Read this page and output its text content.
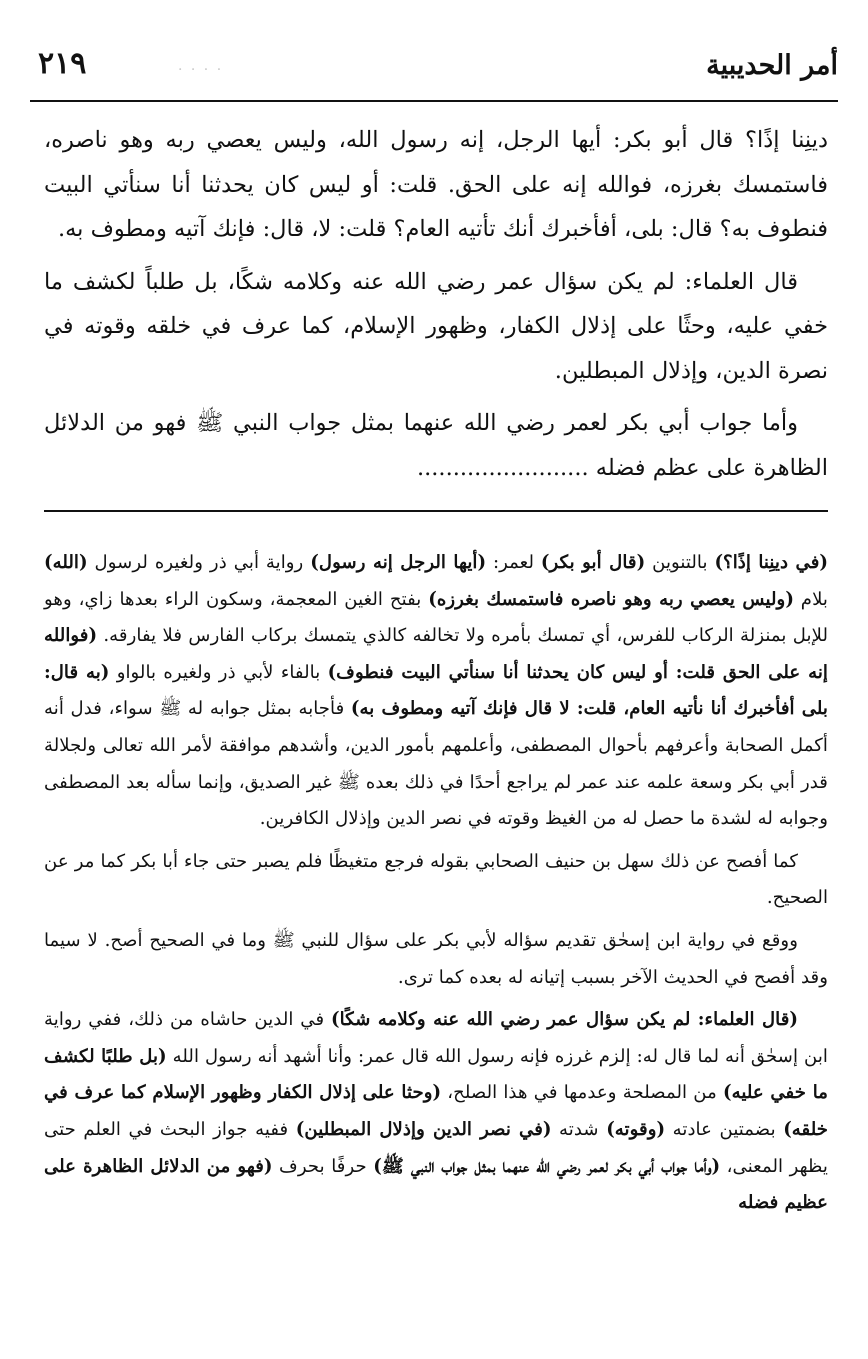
أمر الحديبية
· · · ·
٢١٩

دينِنا إذًا؟ قال أبو بكر: أيها الرجل، إنه رسول الله، وليس يعصي ربه وهو ناصره، فاستمسك بغرزه، فوالله إنه على الحق. قلت: أو ليس كان يحدثنا أنا سنأتي البيت فنطوف به؟ قال: بلى، أفأخبرك أنك تأتيه العام؟ قلت: لا، قال: فإنك آتيه ومطوف به.

قال العلماء: لم يكن سؤال عمر رضي الله عنه وكلامه شكًا، بل طلباً لكشف ما خفي عليه، وحثًا على إذلال الكفار، وظهور الإسلام، كما عرف في خلقه وقوته في نصرة الدين، وإذلال المبطلين.

وأما جواب أبي بكر لعمر رضي الله عنهما بمثل جواب النبي ﷺ فهو من الدلائل الظاهرة على عظم فضله ........................

(في دينِنا إذًا؟) بالتنوين (قال أبو بكر) لعمر: (أيها الرجل إنه رسول) رواية أبي ذر ولغيره لرسول (الله) بلام (وليس يعصي ربه وهو ناصره فاستمسك بغرزه) بفتح الغين المعجمة، وسكون الراء بعدها زاي، وهو للإبل بمنزلة الركاب للفرس، أي تمسك بأمره ولا تخالفه كالذي يتمسك بركاب الفارس فلا يفارقه. (فوالله إنه على الحق قلت: أو ليس كان يحدثنا أنا سنأتي البيت فنطوف) بالفاء لأبي ذر ولغيره بالواو (به قال: بلى أفأخبرك أنا نأتيه العام، قلت: لا قال فإنك آتيه ومطوف به) فأجابه بمثل جوابه له ﷺ سواء، فدل أنه أكمل الصحابة وأعرفهم بأحوال المصطفى، وأعلمهم بأمور الدين، وأشدهم موافقة لأمر الله تعالى ولجلالة قدر أبي بكر وسعة علمه عند عمر لم يراجع أحدًا في ذلك بعده ﷺ غير الصديق، وإنما سأله بعد المصطفى وجوابه له لشدة ما حصل له من الغيظ وقوته في نصر الدين وإذلال الكافرين.

كما أفصح عن ذلك سهل بن حنيف الصحابي بقوله فرجع متغيظًا فلم يصبر حتى جاء أبا بكر كما مر عن الصحيح.

ووقع في رواية ابن إسحٰق تقديم سؤاله لأبي بكر على سؤال للنبي ﷺ وما في الصحيح أصح. لا سيما وقد أفصح في الحديث الآخر بسبب إتيانه له بعده كما ترى.

(قال العلماء: لم يكن سؤال عمر رضي الله عنه وكلامه شكًا) في الدين حاشاه من ذلك، ففي رواية ابن إسحٰق أنه لما قال له: إلزم غرزه فإنه رسول الله قال عمر: وأنا أشهد أنه رسول الله (بل طلبًا لكشف ما خفي عليه) من المصلحة وعدمها في هذا الصلح، (وحثا على إذلال الكفار وظهور الإسلام كما عرف في خلقه) بضمتين عادته (وقوته) شدته (في نصر الدين وإذلال المبطلين) ففيه جواز البحث في العلم حتى يظهر المعنى، (وأما جواب أبي بكر لعمر رضي الله عنهما بمثل جواب النبي ﷺ) حرفًا بحرف (فهو من الدلائل الظاهرة على عظيم فضله
